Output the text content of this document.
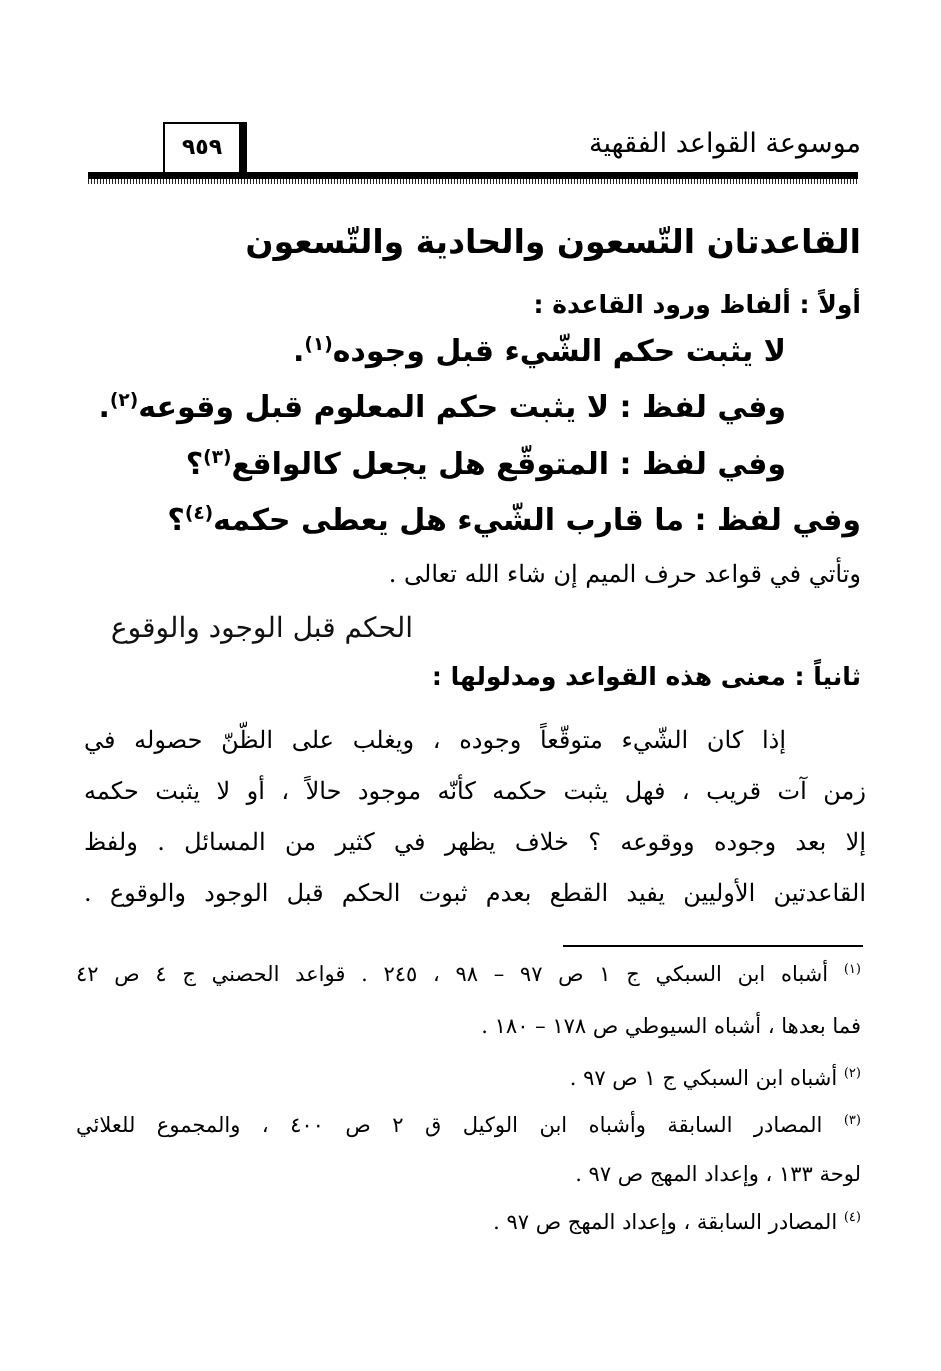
موسوعة القواعد الفقهية
٩٥٩
القاعدتان التّسعون والحادية والتّسعون
أولاً : ألفاظ ورود القاعدة :
لا يثبت حكم الشّيء قبل وجوده$^{(١)}$.
وفي لفظ : لا يثبت حكم المعلوم قبل وقوعه$^{(٢)}$.
وفي لفظ : المتوقّع هل يجعل كالواقع$^{(٣)}$؟
وفي لفظ : ما قارب الشّيء هل يعطى حكمه$^{(٤)}$؟
وتأتي في قواعد حرف الميم إن شاء الله تعالى .
الحكم قبل الوجود والوقوع
ثانياً : معنى هذه القواعد ومدلولها :
إذا كان الشّيء متوقّعاً وجوده ، ويغلب على الظّنّ حصوله في
زمن آت قريب ، فهل يثبت حكمه كأنّه موجود حالاً ، أو لا يثبت حكمه
إلا بعد وجوده ووقوعه ؟ خلاف يظهر في كثير من المسائل . ولفظ
القاعدتين الأوليين يفيد القطع بعدم ثبوت الحكم قبل الوجود والوقوع .
$^{(١)}$ أشباه ابن السبكي ج ١ ص ٩٧ – ٩٨ ، ٢٤٥ . قواعد الحصني ج ٤ ص ٤٢
فما بعدها ، أشباه السيوطي ص ١٧٨ – ١٨٠ .
$^{(٢)}$ أشباه ابن السبكي ج ١ ص ٩٧ .
$^{(٣)}$ المصادر السابقة وأشباه ابن الوكيل ق ٢ ص ٤٠٠ ، والمجموع للعلائي
لوحة ١٣٣ ، وإعداد المهج ص ٩٧ .
$^{(٤)}$ المصادر السابقة ، وإعداد المهج ص ٩٧ .
